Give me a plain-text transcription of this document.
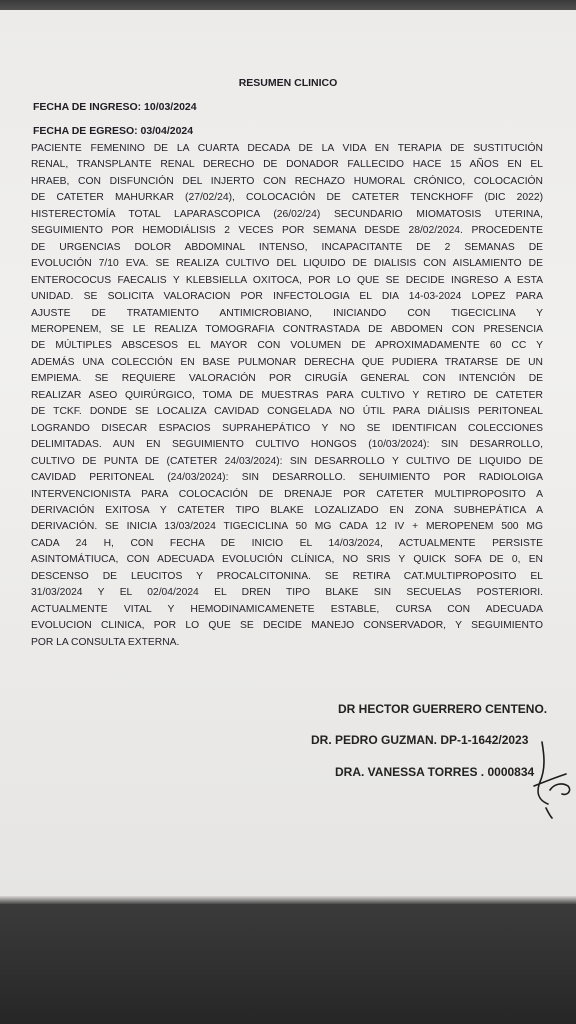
RESUMEN CLINICO
FECHA DE INGRESO: 10/03/2024
FECHA DE EGRESO: 03/04/2024
PACIENTE FEMENINO DE LA CUARTA DECADA DE LA VIDA EN TERAPIA DE SUSTITUCIÓN
RENAL, TRANSPLANTE RENAL DERECHO DE DONADOR FALLECIDO HACE 15 AÑOS EN EL
HRAEB, CON DISFUNCIÓN DEL INJERTO CON RECHAZO HUMORAL CRÓNICO, COLOCACIÓN
DE CATETER MAHURKAR (27/02/24), COLOCACIÓN DE CATETER TENCKHOFF (DIC 2022)
HISTERECTOMÍA TOTAL LAPARASCOPICA (26/02/24) SECUNDARIO MIOMATOSIS UTERINA,
SEGUIMIENTO POR HEMODIÁLISIS 2 VECES POR SEMANA DESDE 28/02/2024. PROCEDENTE
DE URGENCIAS DOLOR ABDOMINAL INTENSO, INCAPACITANTE DE 2 SEMANAS DE
EVOLUCIÓN 7/10 EVA. SE REALIZA CULTIVO DEL LIQUIDO DE DIALISIS CON AISLAMIENTO DE
ENTEROCOCUS FAECALIS Y KLEBSIELLA OXITOCA, POR LO QUE SE DECIDE INGRESO A ESTA
UNIDAD. SE SOLICITA VALORACION POR INFECTOLOGIA EL DIA 14-03-2024 LOPEZ PARA
AJUSTE DE TRATAMIENTO ANTIMICROBIANO, INICIANDO CON TIGECICLINA Y
MEROPENEM, SE LE REALIZA TOMOGRAFIA CONTRASTADA DE ABDOMEN CON PRESENCIA
DE MÚLTIPLES ABSCESOS EL MAYOR CON VOLUMEN DE APROXIMADAMENTE 60 CC Y
ADEMÁS UNA COLECCIÓN EN BASE PULMONAR DERECHA QUE PUDIERA TRATARSE DE UN
EMPIEMA. SE REQUIERE VALORACIÓN POR CIRUGÍA GENERAL CON INTENCIÓN DE
REALIZAR ASEO QUIRÚRGICO, TOMA DE MUESTRAS PARA CULTIVO Y RETIRO DE CATETER
DE TCKF. DONDE SE LOCALIZA CAVIDAD CONGELADA NO ÚTIL PARA DIÁLISIS PERITONEAL
LOGRANDO DISECAR ESPACIOS SUPRAHEPÁTICO Y NO SE IDENTIFICAN COLECCIONES
DELIMITADAS. AUN EN SEGUIMIENTO CULTIVO HONGOS (10/03/2024): SIN DESARROLLO,
CULTIVO DE PUNTA DE (CATETER 24/03/2024): SIN DESARROLLO Y CULTIVO DE LIQUIDO DE
CAVIDAD PERITONEAL (24/03/2024): SIN DESARROLLO. SEHUIMIENTO POR RADIOLOIGA
INTERVENCIONISTA PARA COLOCACIÓN DE DRENAJE POR CATETER MULTIPROPOSITO A
DERIVACIÓN EXITOSA Y CATETER TIPO BLAKE LOZALIZADO EN ZONA SUBHEPÁTICA A
DERIVACIÓN. SE INICIA 13/03/2024 TIGECICLINA 50 MG CADA 12 IV + MEROPENEM 500 MG
CADA 24 H, CON FECHA DE INICIO EL 14/03/2024, ACTUALMENTE PERSISTE
ASINTOMÁTIUCA, CON ADECUADA EVOLUCIÓN CLÍNICA, NO SRIS Y QUICK SOFA DE 0, EN
DESCENSO DE LEUCITOS Y PROCALCITONINA. SE RETIRA CAT.MULTIPROPOSITO EL
31/03/2024 Y EL 02/04/2024 EL DREN TIPO BLAKE SIN SECUELAS POSTERIORI.
ACTUALMENTE VITAL Y HEMODINAMICAMENETE ESTABLE, CURSA CON ADECUADA
EVOLUCION CLINICA, POR LO QUE SE DECIDE MANEJO CONSERVADOR, Y SEGUIMIENTO
POR LA CONSULTA EXTERNA.
DR HECTOR GUERRERO CENTENO.
DR. PEDRO GUZMAN. DP-1-1642/2023
DRA. VANESSA TORRES . 0000834
